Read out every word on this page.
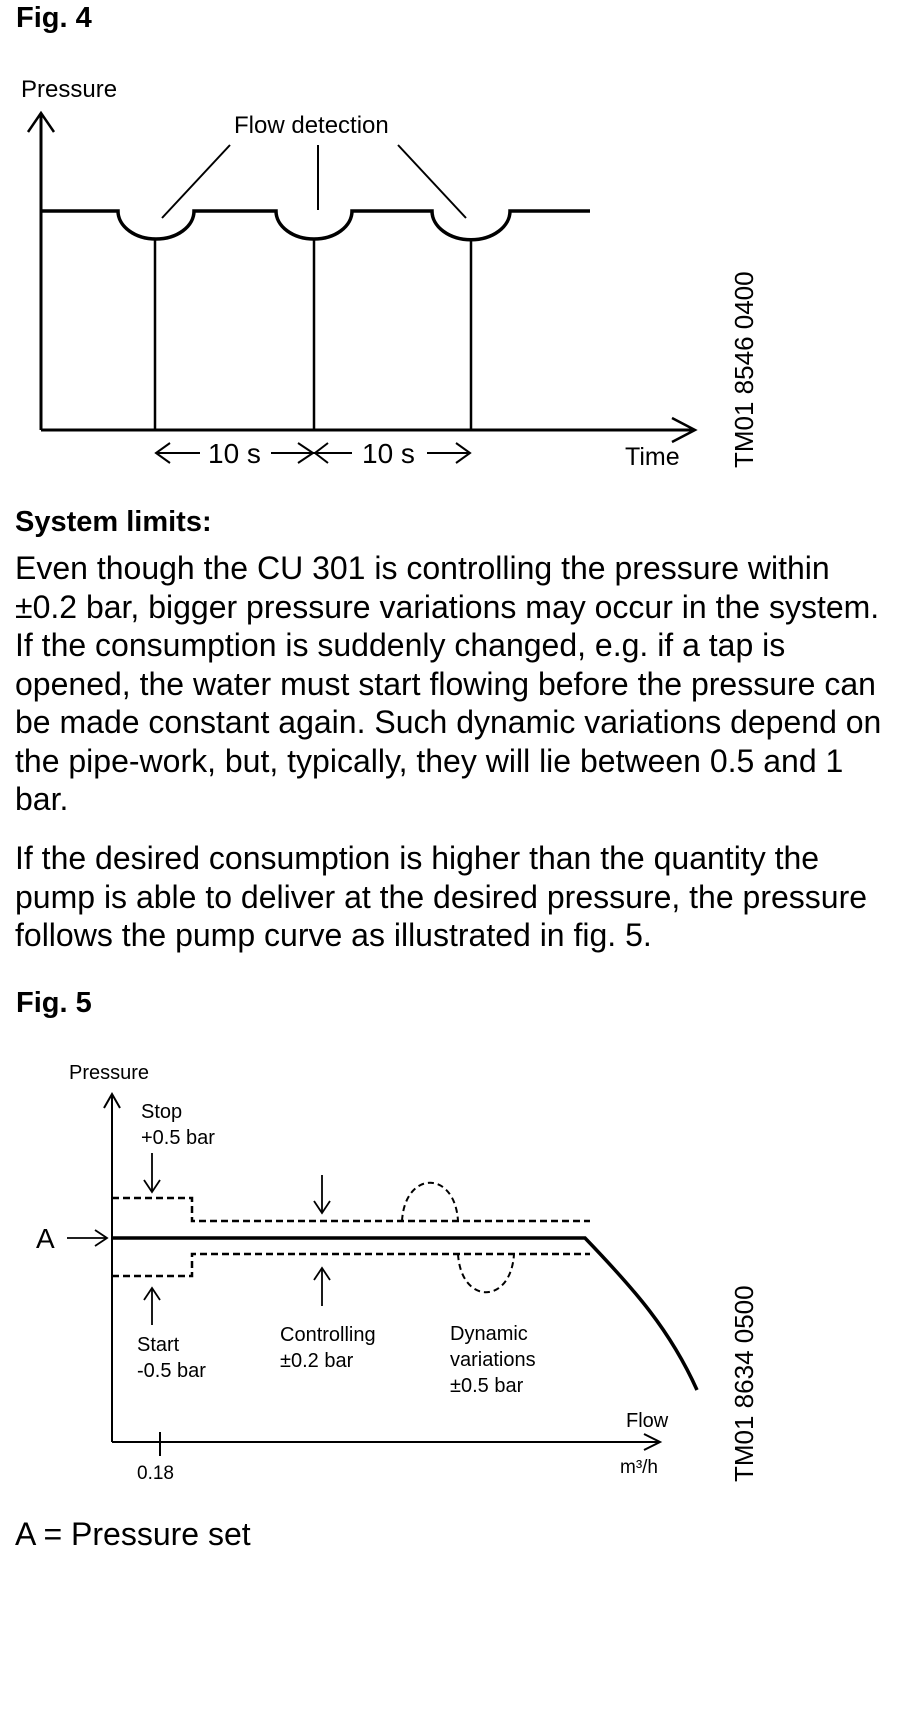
Fig. 4
Pressure
Flow detection
10 s	10 s	Time TM01 8546 0400
System limits:
Even though the CU 301 is controlling the pressure within ±0.2 bar, bigger pressure variations may occur in the system. If the consumption is suddenly changed, e.g. if a tap is opened, the water must start flowing before the pressure can be made constant again. Such dynamic variations depend on the pipe-work, but, typically, they will lie between 0.5 and 1 bar.
If the desired consumption is higher than the quantity the pump is able to deliver at the desired pressure, the pressure follows the pump curve as illustrated in fig. 5.
Fig. 5
Pressure
Stop
+0.5 bar
A
Start
-0.5 bar
Controlling
±0.2 bar
Dynamic
variations
±0.5 bar
Flow
m³/h
0.18	TM01 8634 0500
A = Pressure set
